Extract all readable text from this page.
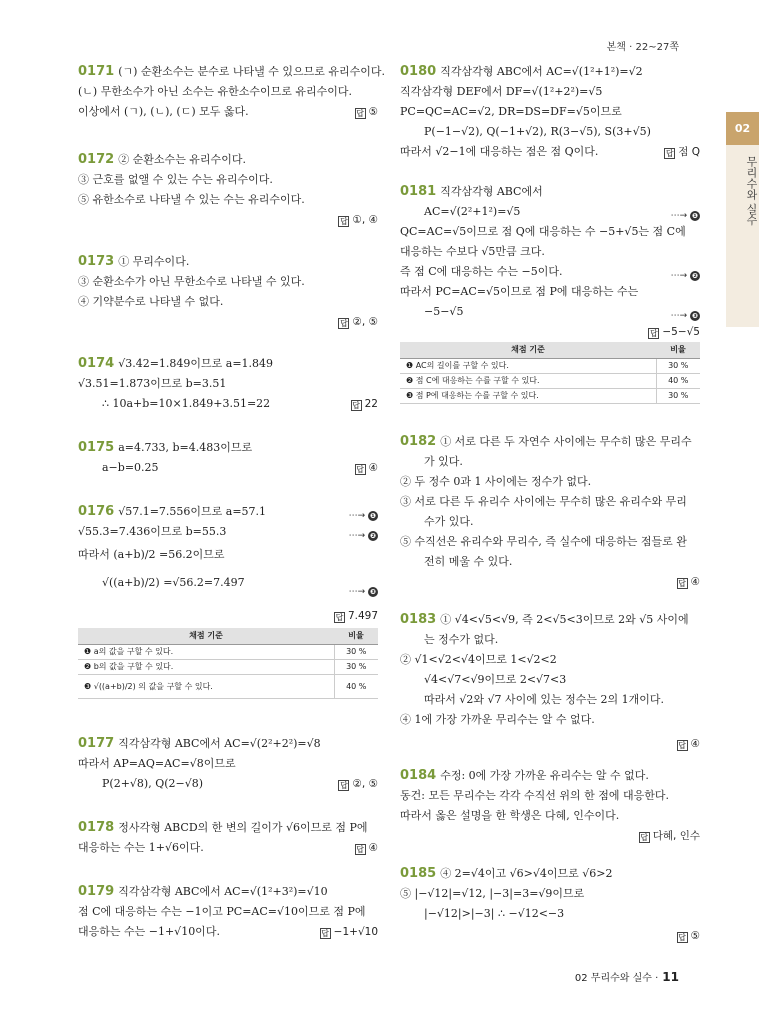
본책 · 22~27쪽
02
무리수와 실수
0171 (ㄱ) 순환소수는 분수로 나타낼 수 있으므로 유리수이다.
(ㄴ) 무한소수가 아닌 소수는 유한소수이므로 유리수이다.
이상에서 (ㄱ), (ㄴ), (ㄷ) 모두 옳다.	답 ⑤
0172 ② 순환소수는 유리수이다.
③ 근호를 없앨 수 있는 수는 유리수이다.
⑤ 유한소수로 나타낼 수 있는 수는 유리수이다.
답 ①, ④
0173 ① 무리수이다.
③ 순환소수가 아닌 무한소수로 나타낼 수 있다.
④ 기약분수로 나타낼 수 없다.
답 ②, ⑤
0174 √3.42=1.849이므로 a=1.849
√3.51=1.873이므로 b=3.51
∴ 10a+b=10×1.849+3.51=22	답 22
0175 a=4.733, b=4.483이므로
a−b=0.25	답 ④
0176 √57.1=7.556이므로 a=57.1
√55.3=7.436이므로 b=55.3
따라서 (a+b)/2 =56.2이므로
√((a+b)/2) =√56.2=7.497
⋯→ ❶
⋯→ ❷
⋯→ ❸
답 7.497
채점 기준	비율
❶ a의 값을 구할 수 있다.	30 %
❷ b의 값을 구할 수 있다.	30 %
❸ √((a+b)/2) 의 값을 구할 수 있다.	40 %
0177 직각삼각형 ABC에서 AC=√(2²+2²)=√8
따라서 AP=AQ=AC=√8이므로
P(2+√8), Q(2−√8)	답 ②, ⑤
0178 정사각형 ABCD의 한 변의 길이가 √6이므로 점 P에
대응하는 수는 1+√6이다.	답 ④
0179 직각삼각형 ABC에서 AC=√(1²+3²)=√10
점 C에 대응하는 수는 −1이고 PC=AC=√10이므로 점 P에
대응하는 수는 −1+√10이다.	답 −1+√10
0180 직각삼각형 ABC에서 AC=√(1²+1²)=√2
직각삼각형 DEF에서 DF=√(1²+2²)=√5
PC=QC=AC=√2, DR=DS=DF=√5이므로
P(−1−√2), Q(−1+√2), R(3−√5), S(3+√5)
따라서 √2−1에 대응하는 점은 점 Q이다.	답 점 Q
0181 직각삼각형 ABC에서
AC=√(2²+1²)=√5
QC=AC=√5이므로 점 Q에 대응하는 수 −5+√5는 점 C에
대응하는 수보다 √5만큼 크다.
즉 점 C에 대응하는 수는 −5이다.
따라서 PC=AC=√5이므로 점 P에 대응하는 수는
−5−√5
⋯→ ❶
⋯→ ❷
⋯→ ❸
답 −5−√5
채점 기준	비율
❶ AC의 길이를 구할 수 있다.	30 %
❷ 점 C에 대응하는 수를 구할 수 있다.	40 %
❸ 점 P에 대응하는 수를 구할 수 있다.	30 %
0182 ① 서로 다른 두 자연수 사이에는 무수히 많은 무리수
가 있다.
② 두 정수 0과 1 사이에는 정수가 없다.
③ 서로 다른 두 유리수 사이에는 무수히 많은 유리수와 무리
수가 있다.
⑤ 수직선은 유리수와 무리수, 즉 실수에 대응하는 점들로 완
전히 메울 수 있다.
답 ④
0183 ① √4<√5<√9, 즉 2<√5<3이므로 2와 √5 사이에
는 정수가 없다.
② √1<√2<√4이므로 1<√2<2
√4<√7<√9이므로 2<√7<3
따라서 √2와 √7 사이에 있는 정수는 2의 1개이다.
④ 1에 가장 가까운 무리수는 알 수 없다.
답 ④
0184 수정: 0에 가장 가까운 유리수는 알 수 없다.
동건: 모든 무리수는 각각 수직선 위의 한 점에 대응한다.
따라서 옳은 설명을 한 학생은 다혜, 인수이다.
답 다혜, 인수
0185 ④ 2=√4이고 √6>√4이므로 √6>2
⑤ |−√12|=√12, |−3|=3=√9이므로
|−√12|>|−3| ∴ −√12<−3
답 ⑤
02 무리수와 실수 · 11
